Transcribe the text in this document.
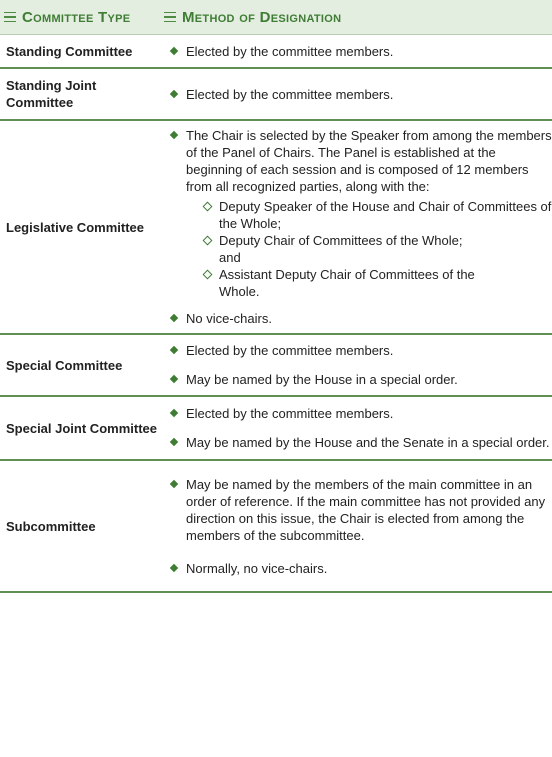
Committee Type	Method of Designation
Standing Committee	Elected by the committee members.
Standing Joint Committee
Elected by the committee members.
Legislative Committee
The Chair is selected by the Speaker from among the members of the Panel of Chairs. The Panel is established at the beginning of each session and is composed of 12 members from all recognized parties, along with the:
Deputy Speaker of the House and Chair of Committees of the Whole;
Deputy Chair of Committees of the Whole; and
Assistant Deputy Chair of Committees of the Whole.
No vice-chairs.
Special Committee
Elected by the committee members.
May be named by the House in a special order.
Special Joint Committee
Elected by the committee members.
May be named by the House and the Senate in a special order.
Subcommittee
May be named by the members of the main committee in an order of reference. If the main committee has not provided any direction on this issue, the Chair is elected from among the members of the subcommittee.
Normally, no vice-chairs.
